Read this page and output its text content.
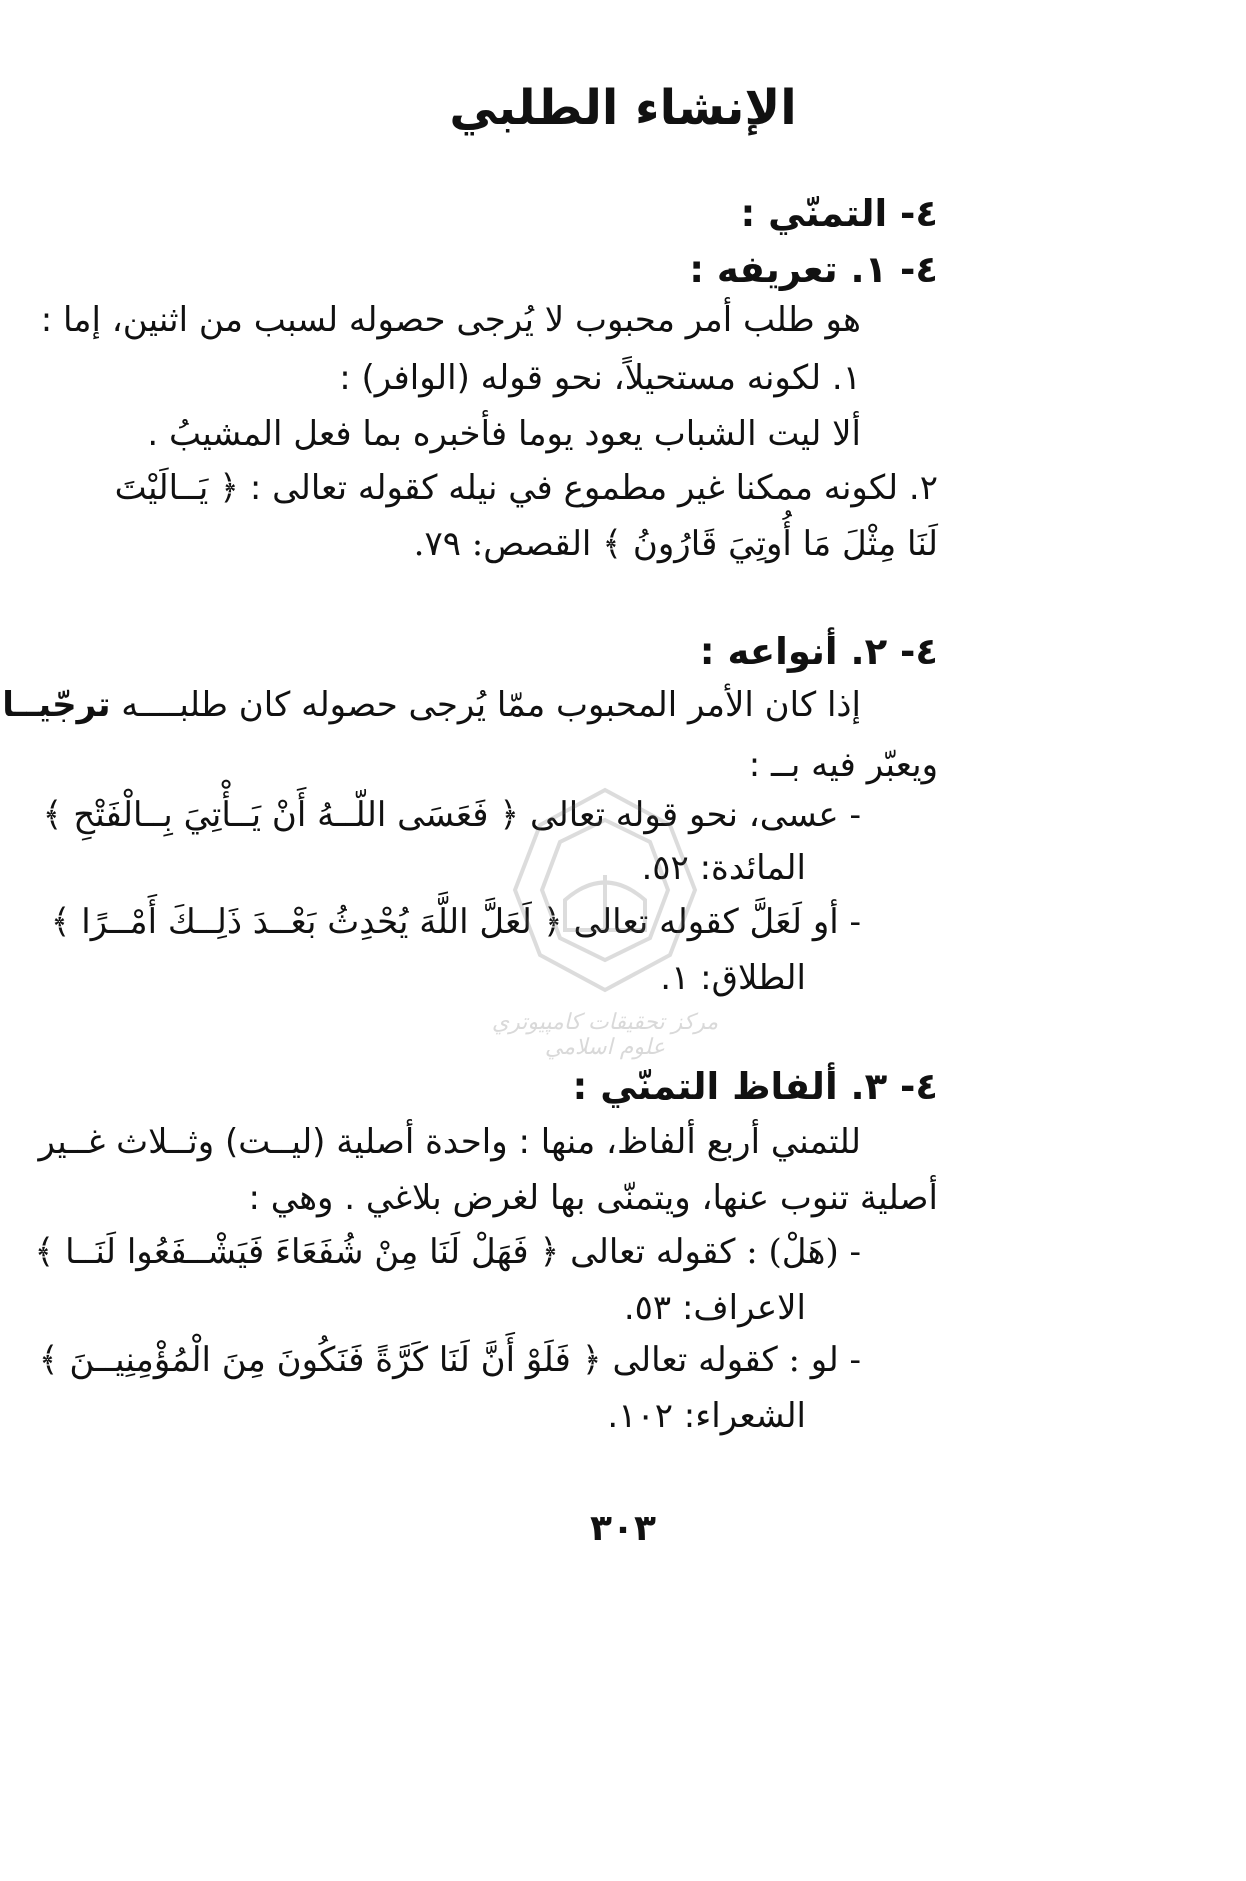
الإنشاء الطلبي
٤- التمنّي :
٤- ١. تعريفه :
هو طلب أمر محبوب لا يُرجى حصوله لسبب من اثنين، إما :
١. لكونه مستحيلاً، نحو قوله (الوافر) :
ألا ليت الشباب يعود يوما فأخبره بما فعل المشيبُ .
٢. لكونه ممكنا غير مطموع في نيله كقوله تعالى : ﴿ يَــالَيْتَ
لَنَا مِثْلَ مَا أُوتِيَ قَارُونُ ﴾ القصص: ٧٩.
٤- ٢. أنواعه :
إذا كان الأمر المحبوب ممّا يُرجى حصوله كان طلبــــه ترجّيــا
ويعبّر فيه بــ :
- عسى، نحو قوله تعالى ﴿ فَعَسَى اللّــهُ أَنْ يَــأْتِيَ بِــالْفَتْحِ ﴾
المائدة: ٥٢.
- أو لَعَلَّ كقوله تعالى ﴿ لَعَلَّ اللَّهَ يُحْدِثُ بَعْــدَ ذَلِــكَ أَمْــرًا ﴾
الطلاق: ١.
٤- ٣. ألفاظ التمنّي :
للتمني أربع ألفاظ، منها : واحدة أصلية (ليــت) وثــلاث غــير
أصلية تنوب عنها، ويتمنّى بها لغرض بلاغي . وهي :
- (هَلْ) : كقوله تعالى ﴿ فَهَلْ لَنَا مِنْ شُفَعَاءَ فَيَشْــفَعُوا لَنَــا ﴾
الاعراف: ٥٣.
- لو : كقوله تعالى ﴿ فَلَوْ أَنَّ لَنَا كَرَّةً فَنَكُونَ مِنَ الْمُؤْمِنِيــنَ ﴾
الشعراء: ١٠٢.
٣٠٣
مركز تحقيقات كامپيوتري علوم اسلامي
